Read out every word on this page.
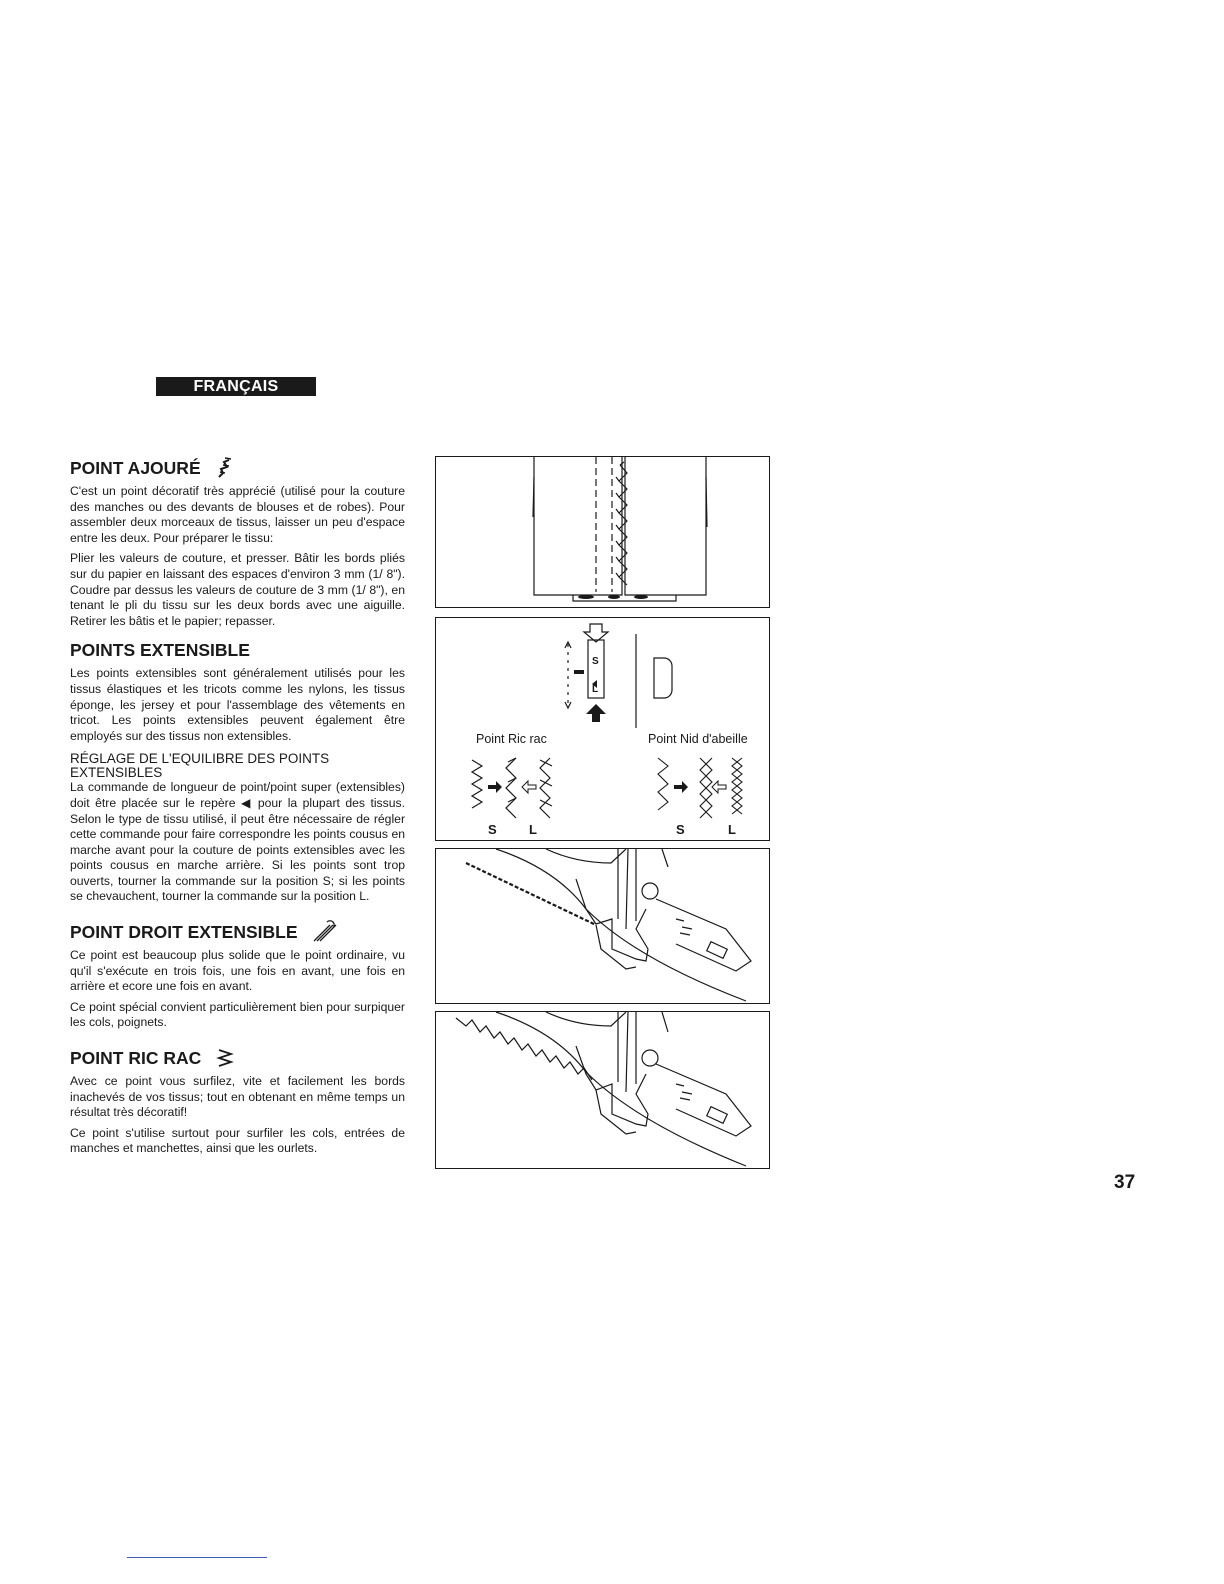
FRANÇAIS
POINT AJOURÉ

C'est un point décoratif très apprécié (utilisé pour la couture des manches ou des devants de blouses et de robes). Pour assembler deux morceaux de tissus, laisser un peu d'espace entre les deux. Pour préparer le tissu:

Plier les valeurs de couture, et presser. Bâtir les bords pliés sur du papier en laissant des espaces d'environ 3 mm (1/ 8"). Coudre par dessus les valeurs de couture de 3 mm (1/ 8"), en tenant le pli du tissu sur les deux bords avec une aiguille. Retirer les bâtis et le papier; repasser.

POINTS EXTENSIBLE

Les points extensibles sont généralement utilisés pour les tissus élastiques et les tricots comme les nylons, les tissus éponge, les jersey et pour l'assemblage des vêtements en tricot. Les points extensibles peuvent également être employés sur des tissus non extensibles.

RÉGLAGE DE L'EQUILIBRE DES POINTS EXTENSIBLES

La commande de longueur de point/point super (extensibles) doit être placée sur le repère ◀ pour la plupart des tissus. Selon le type de tissu utilisé, il peut être nécessaire de régler cette commande pour faire correspondre les points cousus en marche avant pour la couture de points extensibles avec les points cousus en marche arrière. Si les points sont trop ouverts, tourner la commande sur la position S; si les points se chevauchent, tourner la commande sur la position L.

POINT DROIT EXTENSIBLE

Ce point est beaucoup plus solide que le point ordinaire, vu qu'il s'exécute en trois fois, une fois en avant, une fois en arrière et ecore une fois en avant.

Ce point spécial convient particulièrement bien pour surpiquer les cols, poignets.

POINT RIC RAC

Avec ce point vous surfilez, vite et facilement les bords inachevés de vos tissus; tout en obtenant en même temps un résultat très décoratif!

Ce point s'utilise surtout pour surfiler les cols, entrées de manches et manchettes, ainsi que les ourlets.

S
L
Point Ric rac	Point Nid d'abeille
S L	S	L
37
